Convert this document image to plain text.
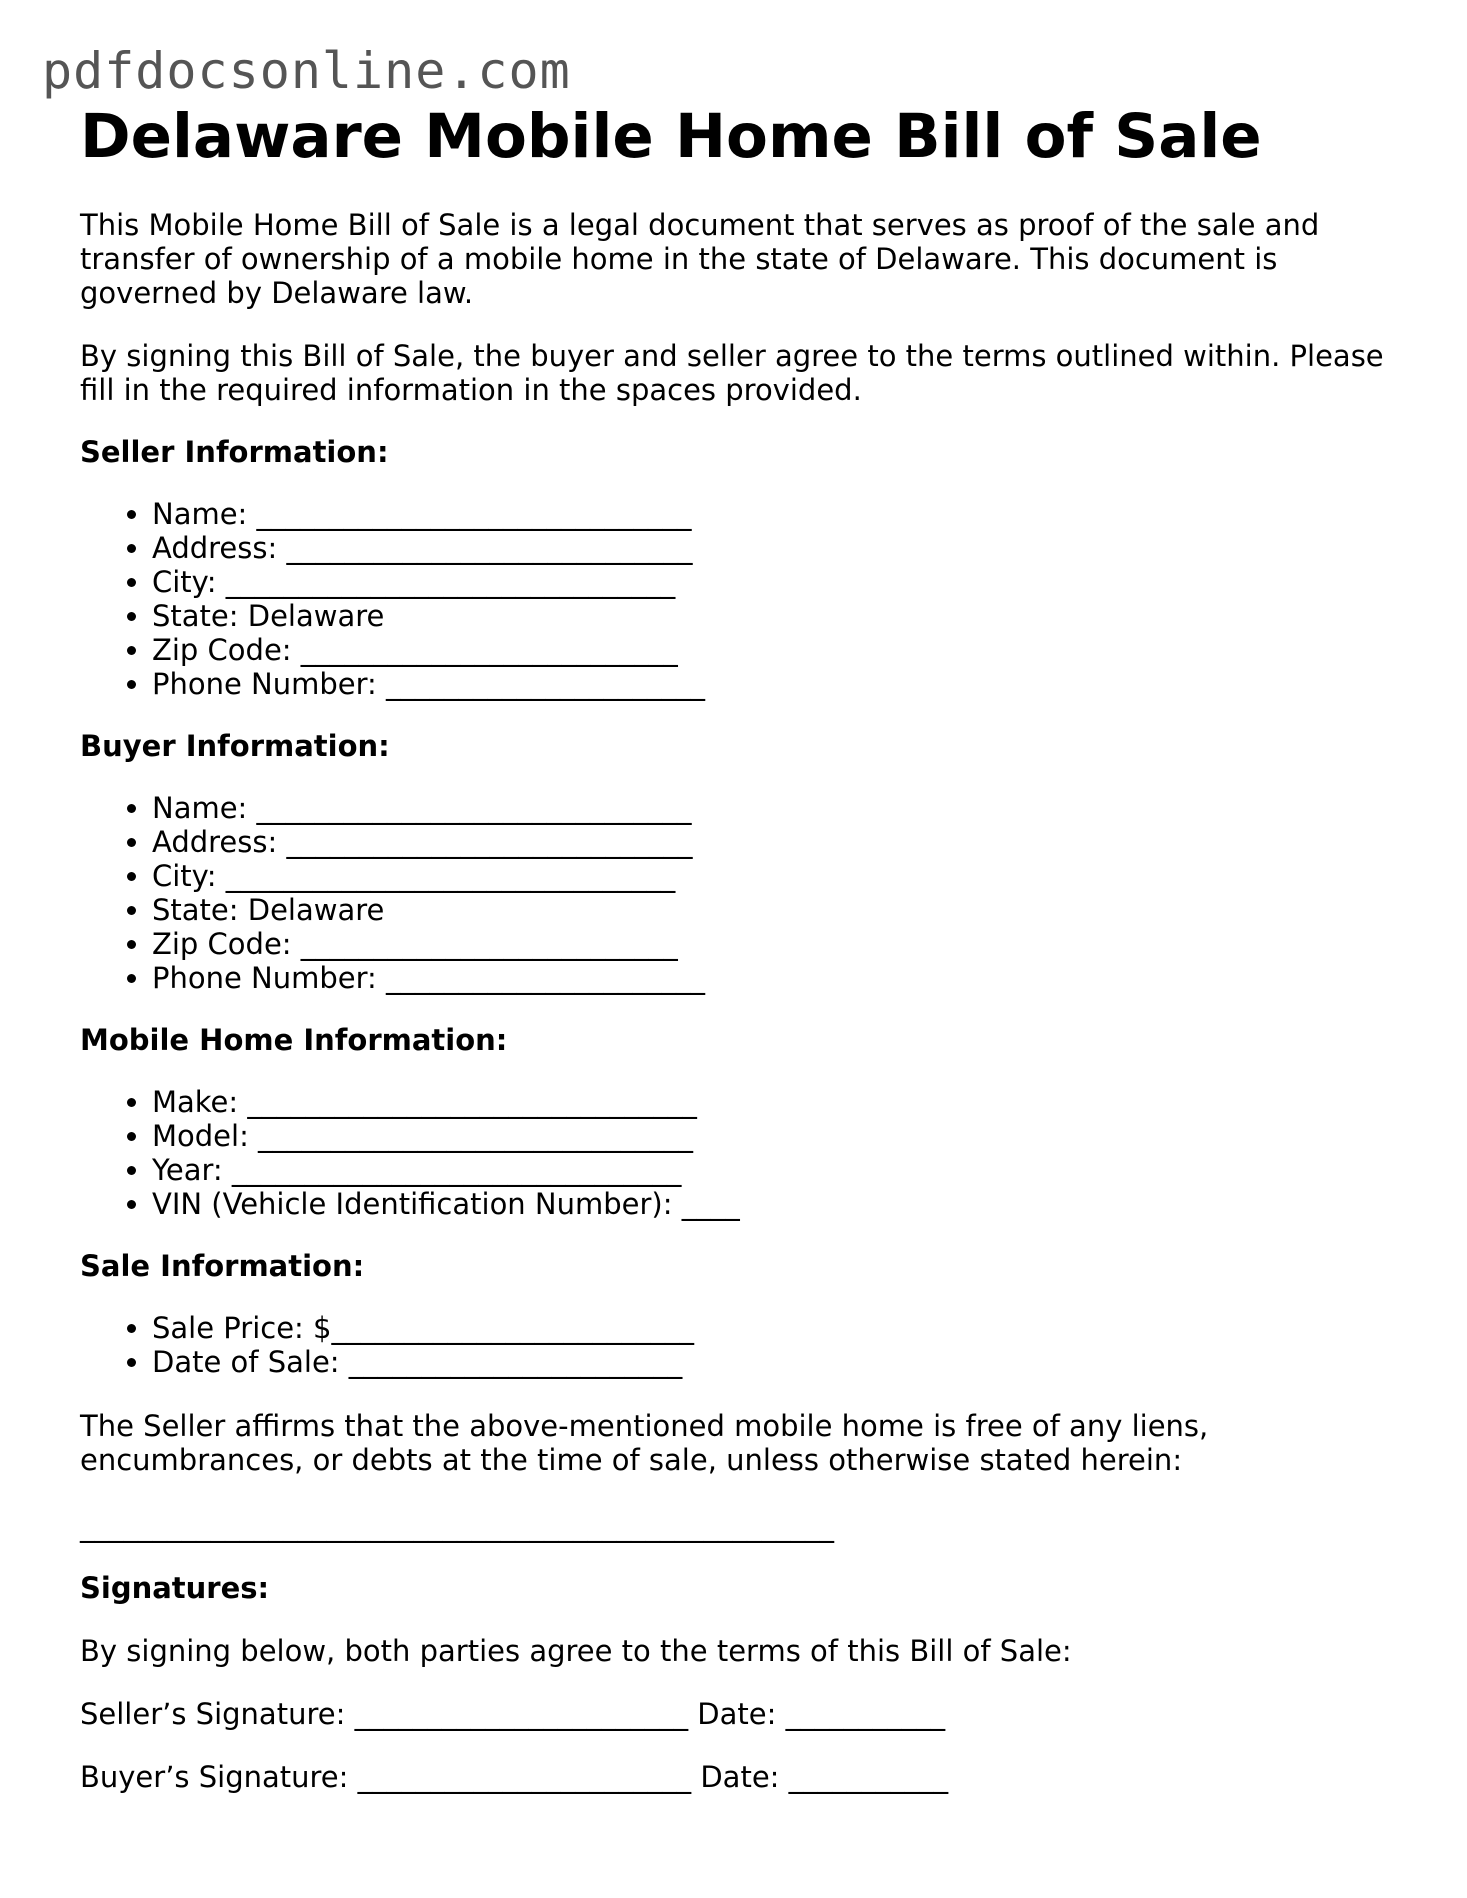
pdfdocsonline.com
Delaware Mobile Home Bill of Sale

This Mobile Home Bill of Sale is a legal document that serves as proof of the sale and transfer of ownership of a mobile home in the state of Delaware. This document is governed by Delaware law.

By signing this Bill of Sale, the buyer and seller agree to the terms outlined within. Please fill in the required information in the spaces provided.

Seller Information:
• Name: ______________________________
• Address: ____________________________
• City: _______________________________
• State: Delaware
• Zip Code: __________________________
• Phone Number: ______________________
Buyer Information:
• Name: ______________________________
• Address: ____________________________
• City: _______________________________
• State: Delaware
• Zip Code: __________________________
• Phone Number: ______________________
Mobile Home Information:
• Make: _______________________________
• Model: ______________________________
• Year: _______________________________
• VIN (Vehicle Identification Number): ____
Sale Information:
• Sale Price: $_________________________
• Date of Sale: _______________________

The Seller affirms that the above-mentioned mobile home is free of any liens, encumbrances, or debts at the time of sale, unless otherwise stated herein:

____________________________________________________
Signatures:

By signing below, both parties agree to the terms of this Bill of Sale:

Seller’s Signature: _______________________ Date: ___________
Buyer’s Signature: _______________________ Date: ___________
